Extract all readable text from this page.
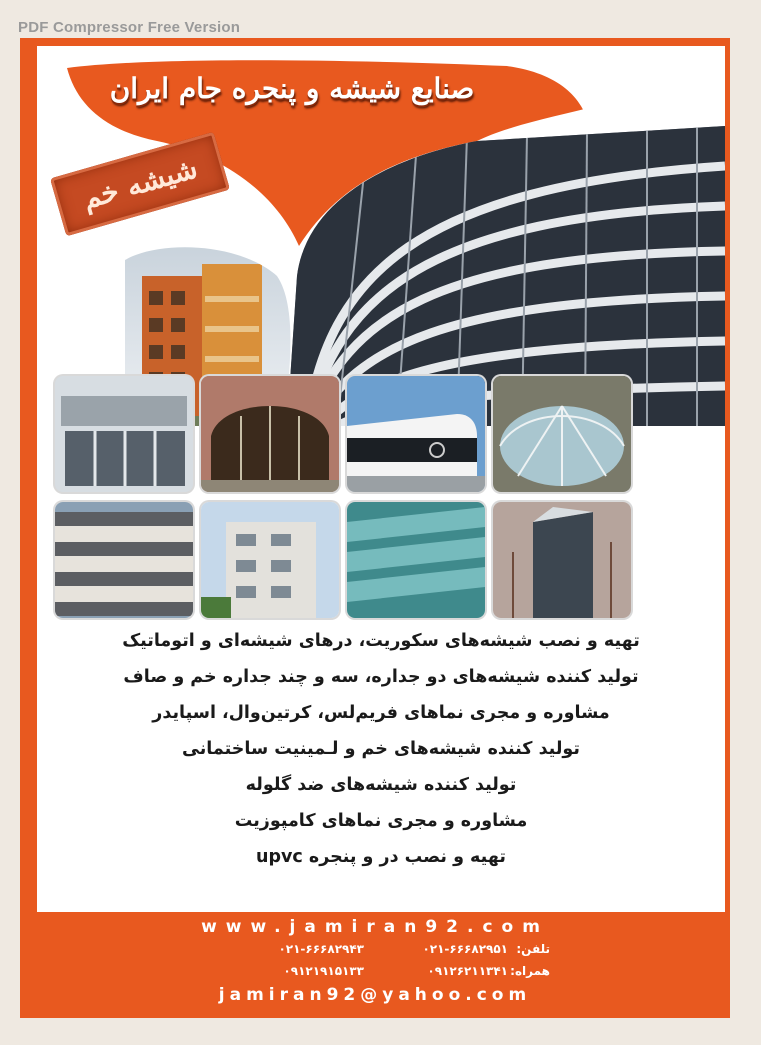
PDF Compressor Free Version
شیشه خم
صنایع شیشه و پنجره جام ایران
تهیه و نصب شیشه‌های سکوریت، درهای شیشه‌ای و اتوماتیک
تولید کننده شیشه‌های دو جداره، سه و چند جداره خم و صاف
مشاوره و مجری نماهای فریم‌لس، کرتین‌وال، اسپایدر
تولید کننده شیشه‌های خم و لـمینیت ساختمانی
تولید کننده شیشه‌های ضد گلوله
مشاوره و مجری نماهای کامپوزیت
تهیه و نصب در و پنجره upvc
www.jamiran92.com
تلفن:
۰۲۱-۶۶۶۸۲۹۵۱
۰۲۱-۶۶۶۸۲۹۴۳
همراه:
۰۹۱۲۶۲۱۱۳۴۱
۰۹۱۲۱۹۱۵۱۳۳
jamiran92@yahoo.com
